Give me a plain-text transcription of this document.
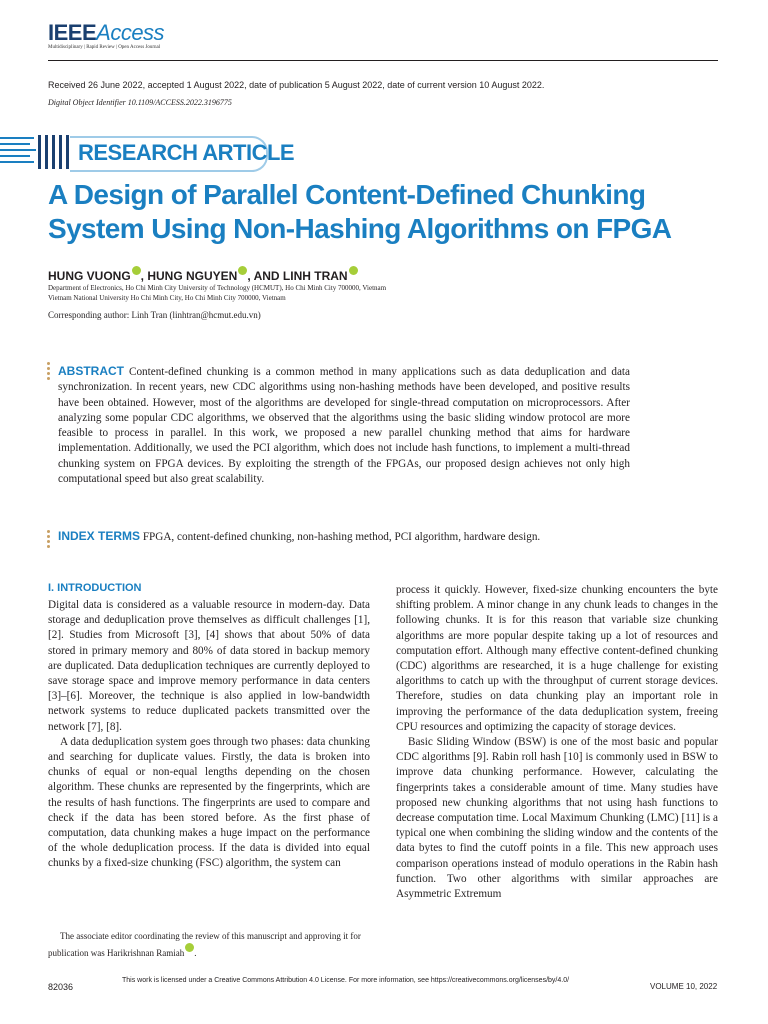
IEEEAccess
Multidisciplinary | Rapid Review | Open Access Journal
Received 26 June 2022, accepted 1 August 2022, date of publication 5 August 2022, date of current version 10 August 2022.
Digital Object Identifier 10.1109/ACCESS.2022.3196775
RESEARCH ARTICLE
A Design of Parallel Content-Defined Chunking System Using Non-Hashing Algorithms on FPGA
HUNG VUONG , HUNG NGUYEN , AND LINH TRAN
Department of Electronics, Ho Chi Minh City University of Technology (HCMUT), Ho Chi Minh City 700000, Vietnam
Vietnam National University Ho Chi Minh City, Ho Chi Minh City 700000, Vietnam
Corresponding author: Linh Tran (linhtran@hcmut.edu.vn)
ABSTRACT Content-defined chunking is a common method in many applications such as data deduplication and data synchronization. In recent years, new CDC algorithms using non-hashing methods have been developed, and positive results have been obtained. However, most of the algorithms are developed for single-thread computation on microprocessors. After analyzing some popular CDC algorithms, we observed that the algorithms using the basic sliding window protocol are more feasible to process in parallel. In this work, we proposed a new parallel chunking method that aims for hardware implementation. Additionally, we used the PCI algorithm, which does not include hash functions, to implement a multi-thread chunking system on FPGA devices. By exploiting the strength of the FPGAs, our proposed design achieves not only high computational speed but also great scalability.
INDEX TERMS FPGA, content-defined chunking, non-hashing method, PCI algorithm, hardware design.
I. INTRODUCTION

Digital data is considered as a valuable resource in modern-day. Data storage and deduplication prove themselves as difficult challenges [1], [2]. Studies from Microsoft [3], [4] shows that about 50% of data stored in primary memory and 80% of data stored in backup memory are duplicated. Data deduplication techniques are currently deployed to save storage space and improve memory performance in data centers [3]–[6]. Moreover, the technique is also applied in low-bandwidth network systems to reduce duplicated packets transmitted over the network [7], [8].

A data deduplication system goes through two phases: data chunking and searching for duplicate values. Firstly, the data is broken into chunks of equal or non-equal lengths depending on the chosen algorithm. These chunks are represented by the fingerprints, which are the results of hash functions. The fingerprints are used to compare and check if the data has been stored before. As the first phase of computation, data chunking makes a huge impact on the performance of the whole deduplication process. If the data is divided into equal chunks by a fixed-size chunking (FSC) algorithm, the system can

process it quickly. However, fixed-size chunking encounters the byte shifting problem. A minor change in any chunk leads to changes in the following chunks. It is for this reason that variable size chunking algorithms are more popular despite taking up a lot of resources and computation effort. Although many effective content-defined chunking (CDC) algorithms are researched, it is a huge challenge for existing algorithms to catch up with the throughput of current storage devices. Therefore, studies on data chunking play an important role in improving the performance of the data deduplication system, freeing CPU resources and optimizing the capacity of storage devices.

Basic Sliding Window (BSW) is one of the most basic and popular CDC algorithms [9]. Rabin roll hash [10] is commonly used in BSW to improve data chunking performance. However, calculating the fingerprints takes a considerable amount of time. Many studies have proposed new chunking algorithms that not using hash functions to decrease computation time. Local Maximum Chunking (LMC) [11] is a typical one when combining the sliding window and the contents of the data bytes to find the cutoff points in a file. This new approach uses comparison operations instead of modulo operations in the Rabin hash function. Two other algorithms with similar approaches are Asymmetric Extremum

The associate editor coordinating the review of this manuscript and approving it for publication was Harikrishnan Ramiah .
82036
This work is licensed under a Creative Commons Attribution 4.0 License. For more information, see https://creativecommons.org/licenses/by/4.0/
VOLUME 10, 2022
